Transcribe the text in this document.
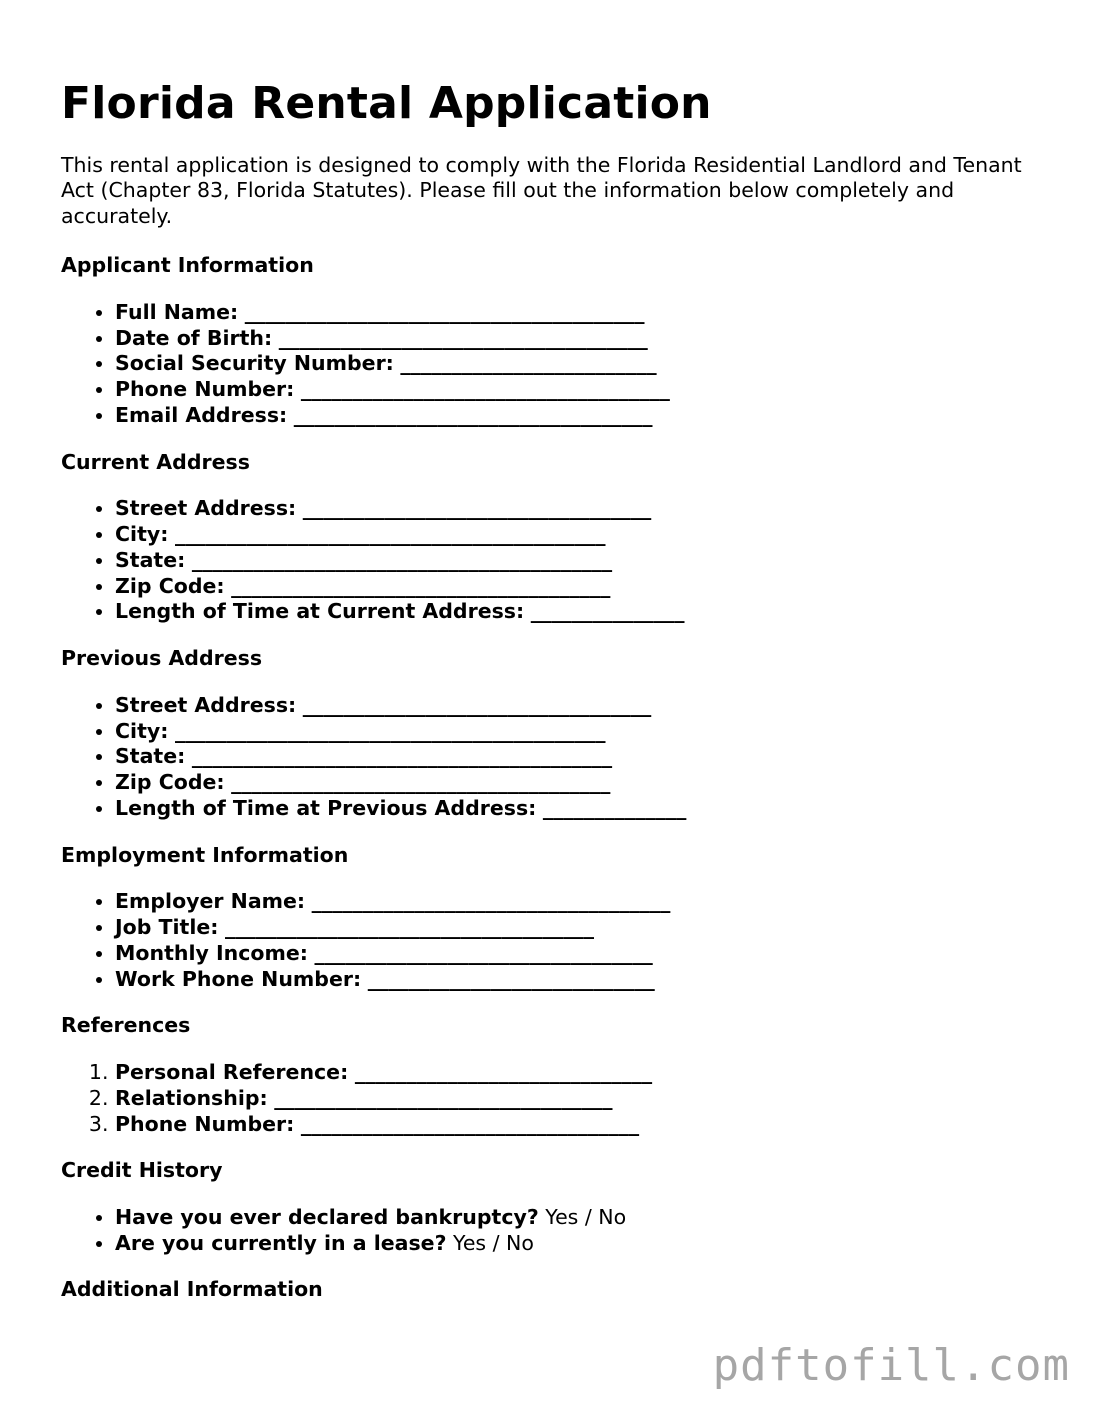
Florida Rental Application

This rental application is designed to comply with the Florida Residential Landlord and Tenant Act (Chapter 83, Florida Statutes). Please fill out the information below completely and accurately.

Applicant Information
• Full Name: _______________________________________
• Date of Birth: ____________________________________
• Social Security Number: _________________________
• Phone Number: ____________________________________
• Email Address: ___________________________________
Current Address
• Street Address: __________________________________
• City: __________________________________________
• State: _________________________________________
• Zip Code: _____________________________________
• Length of Time at Current Address: _______________
Previous Address
• Street Address: __________________________________
• City: __________________________________________
• State: _________________________________________
• Zip Code: _____________________________________
• Length of Time at Previous Address: ______________
Employment Information
• Employer Name: ___________________________________
• Job Title: ____________________________________
• Monthly Income: _________________________________
• Work Phone Number: ____________________________
References
1. Personal Reference: _____________________________
2. Relationship: _________________________________
3. Phone Number: _________________________________
Credit History
• Have you ever declared bankruptcy? Yes / No
• Are you currently in a lease? Yes / No
Additional Information
pdftofill.com
